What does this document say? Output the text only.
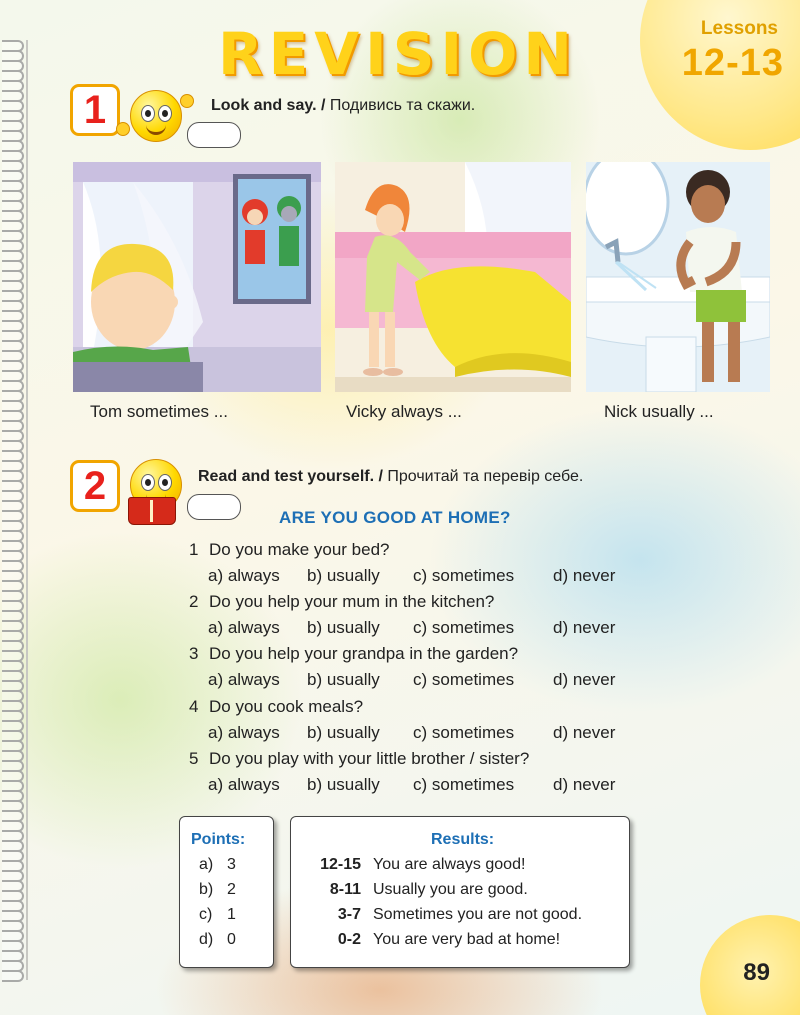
Lessons
12-13
REVISION
1	Look and say. / Подивись та скажи.
Tom sometimes ...	Vicky always ...	Nick usually ...
2	Read and test yourself. / Прочитай та перевір себе.
ARE YOU GOOD AT HOME?
1 Do you make your bed?
a) always b) usually c) sometimes d) never
2 Do you help your mum in the kitchen?
a) always b) usually c) sometimes d) never
3 Do you help your grandpa in the garden?
a) always b) usually c) sometimes d) never
4 Do you cook meals?
a) always b) usually c) sometimes d) never
5 Do you play with your little brother / sister?
a) always b) usually c) sometimes d) never
Points:
a) 3
b) 2
c) 1
d) 0
Results:
12-15 You are always good!
8-11 Usually you are good.
3-7 Sometimes you are not good.
0-2 You are very bad at home!
89
